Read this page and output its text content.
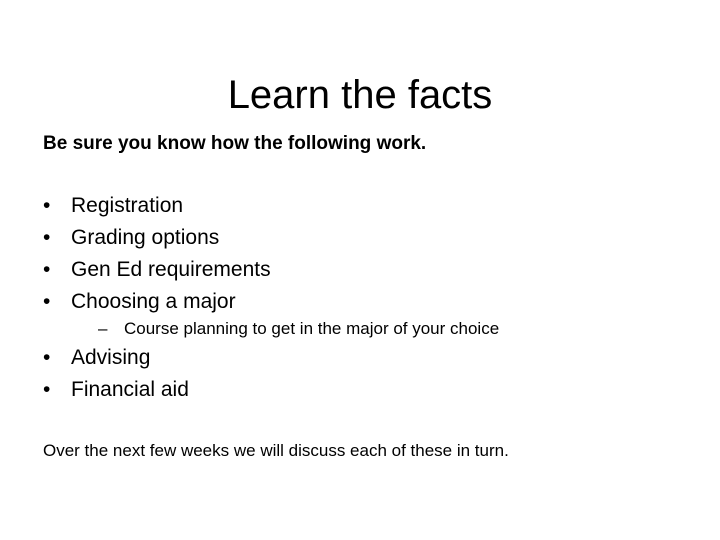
Learn the facts
Be sure you know how the following work.
• Registration
• Grading options
• Gen Ed requirements
• Choosing a major
– Course planning to get in the major of your choice
• Advising
• Financial aid
Over the next few weeks we will discuss each of these in turn.
